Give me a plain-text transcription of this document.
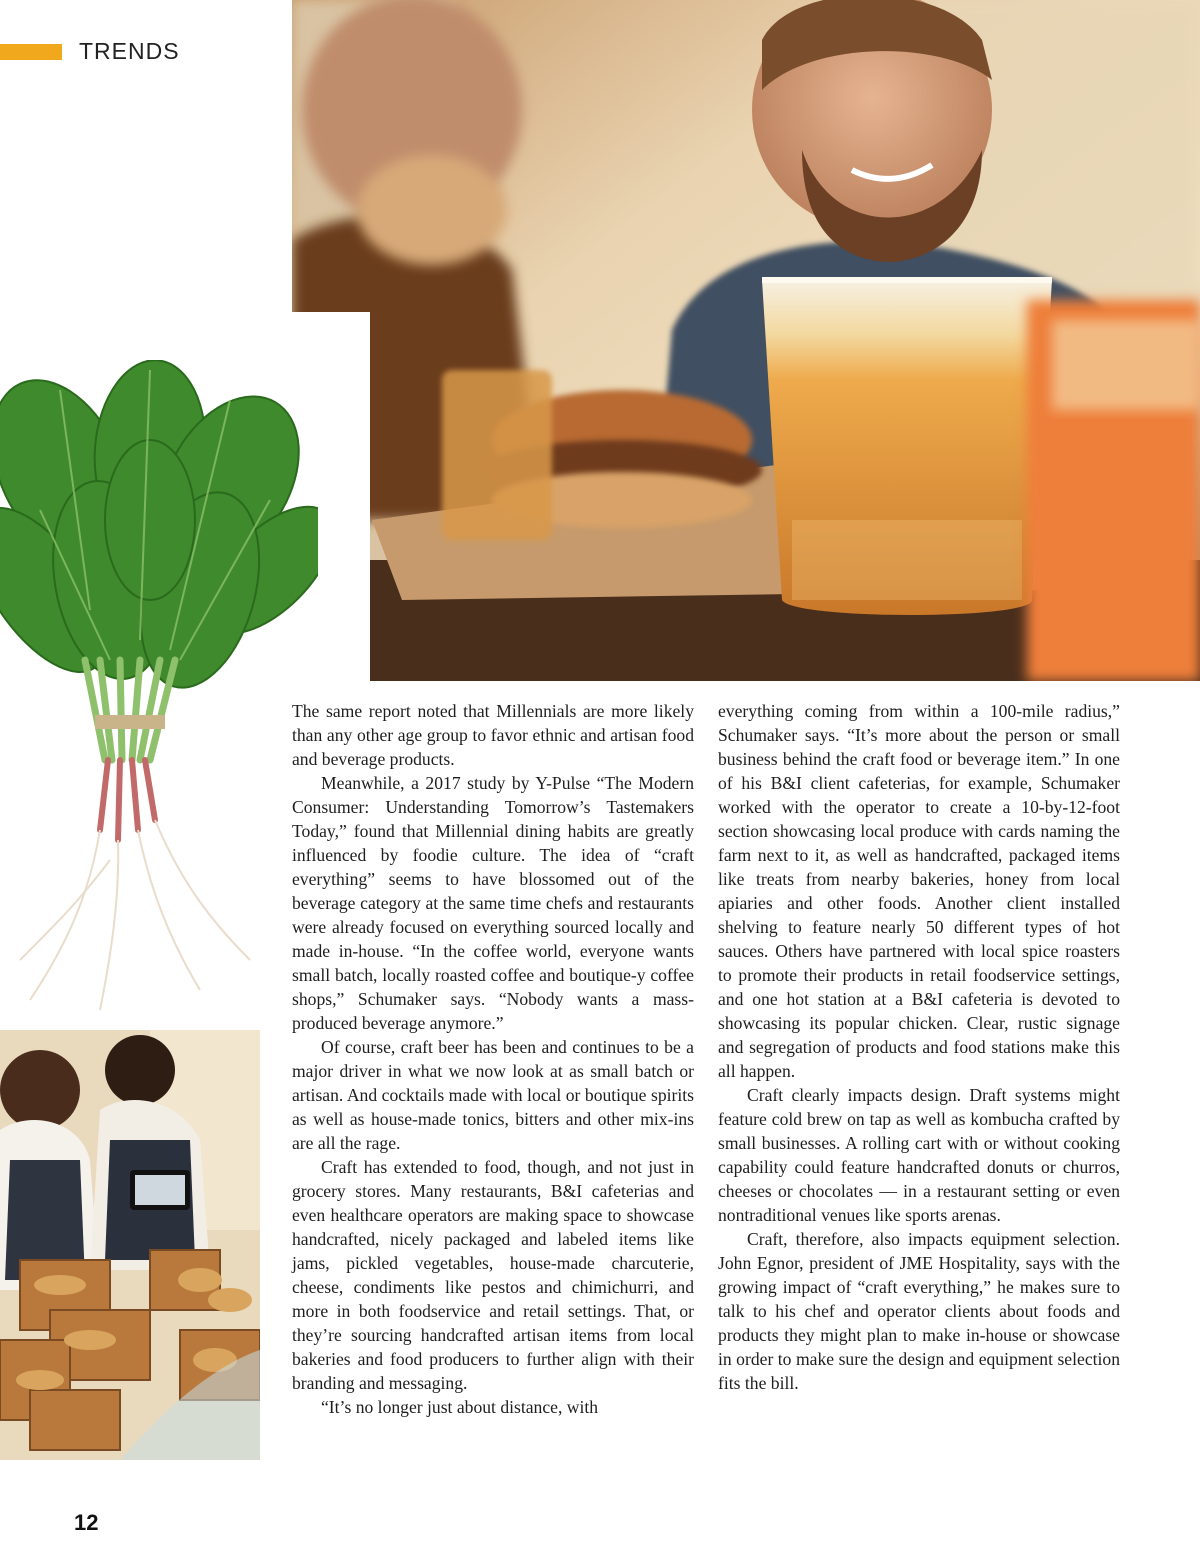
TRENDS

The same report noted that Millennials are more likely than any other age group to favor ethnic and artisan food and beverage products.

Meanwhile, a 2017 study by Y-Pulse “The Modern Consumer: Understanding Tomorrow’s Tastemakers Today,” found that Millennial dining habits are greatly influenced by foodie culture. The idea of “craft everything” seems to have blossomed out of the beverage category at the same time chefs and restaurants were already focused on everything sourced locally and made in-house. “In the coffee world, everyone wants small batch, locally roasted coffee and boutique-y coffee shops,” Schumaker says. “Nobody wants a mass-produced beverage anymore.”

Of course, craft beer has been and continues to be a major driver in what we now look at as small batch or artisan. And cocktails made with local or boutique spirits as well as house-made tonics, bitters and other mix-ins are all the rage.

Craft has extended to food, though, and not just in grocery stores. Many restaurants, B&I cafeterias and even healthcare operators are making space to showcase handcrafted, nicely packaged and labeled items like jams, pickled vegetables, house-made charcuterie, cheese, condiments like pestos and chimichurri, and more in both foodservice and retail settings. That, or they’re sourcing handcrafted artisan items from local bakeries and food producers to further align with their branding and messaging.

“It’s no longer just about distance, with

everything coming from within a 100-mile radius,” Schumaker says. “It’s more about the person or small business behind the craft food or beverage item.” In one of his B&I client cafeterias, for example, Schumaker worked with the operator to create a 10-by-12-foot section showcasing local produce with cards naming the farm next to it, as well as handcrafted, packaged items like treats from nearby bakeries, honey from local apiaries and other foods. Another client installed shelving to feature nearly 50 different types of hot sauces. Others have partnered with local spice roasters to promote their products in retail foodservice settings, and one hot station at a B&I cafeteria is devoted to showcasing its popular chicken. Clear, rustic signage and segregation of products and food stations make this all happen.

Craft clearly impacts design. Draft systems might feature cold brew on tap as well as kombucha crafted by small businesses. A rolling cart with or without cooking capability could feature handcrafted donuts or churros, cheeses or chocolates — in a restaurant setting or even nontraditional venues like sports arenas.

Craft, therefore, also impacts equipment selection. John Egnor, president of JME Hospitality, says with the growing impact of “craft everything,” he makes sure to talk to his chef and operator clients about foods and products they might plan to make in-house or showcase in order to make sure the design and equipment selection fits the bill.

12
